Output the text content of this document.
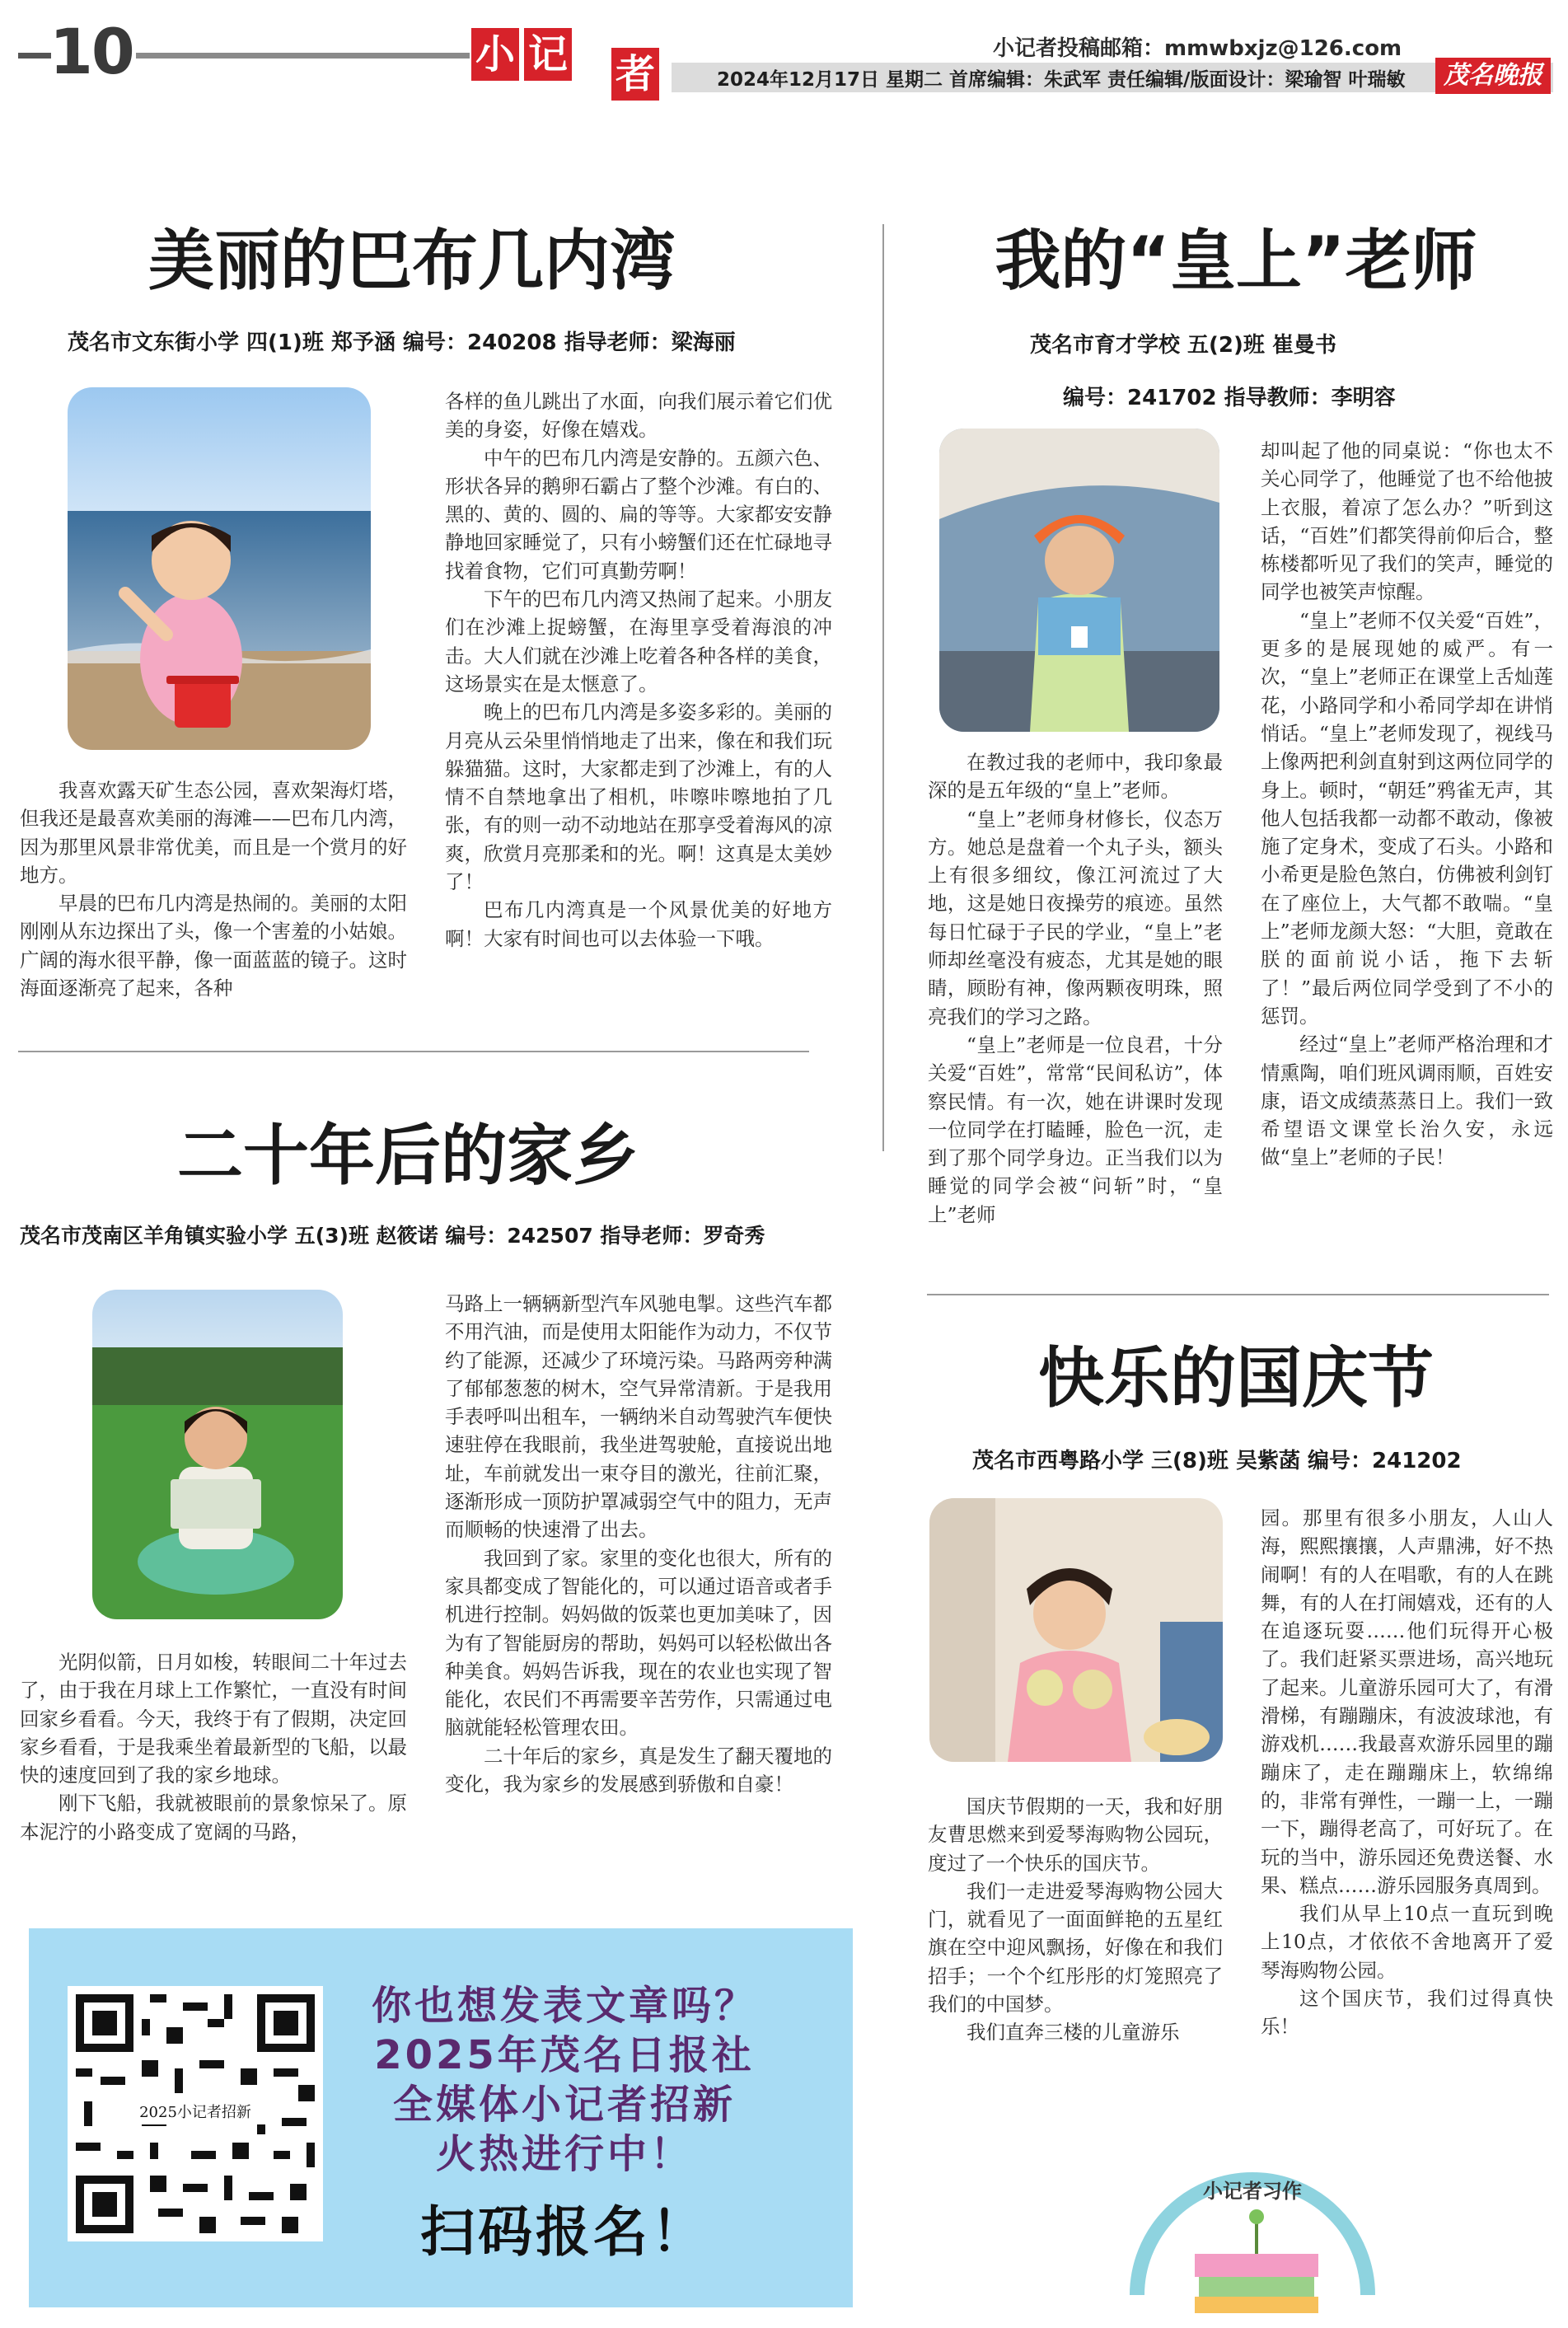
10	小 记 者
小记者投稿邮箱：mmwbxjz@126.com
2024年12月17日 星期二 首席编辑：朱武军 责任编辑/版面设计：梁瑜智 叶瑞敏	茂名晚报
美丽的巴布几内湾
茂名市文东街小学 四(1)班 郑予涵 编号：240208 指导老师：梁海丽

我喜欢露天矿生态公园，喜欢架海灯塔，但我还是最喜欢美丽的海滩——巴布几内湾，因为那里风景非常优美，而且是一个赏月的好地方。

早晨的巴布几内湾是热闹的。美丽的太阳刚刚从东边探出了头，像一个害羞的小姑娘。广阔的海水很平静，像一面蓝蓝的镜子。这时海面逐渐亮了起来，各种

各样的鱼儿跳出了水面，向我们展示着它们优美的身姿，好像在嬉戏。

中午的巴布几内湾是安静的。五颜六色、形状各异的鹅卵石霸占了整个沙滩。有白的、黑的、黄的、圆的、扁的等等。大家都安安静静地回家睡觉了，只有小螃蟹们还在忙碌地寻找着食物，它们可真勤劳啊！

下午的巴布几内湾又热闹了起来。小朋友们在沙滩上捉螃蟹，在海里享受着海浪的冲击。大人们就在沙滩上吃着各种各样的美食，这场景实在是太惬意了。

晚上的巴布几内湾是多姿多彩的。美丽的月亮从云朵里悄悄地走了出来，像在和我们玩躲猫猫。这时，大家都走到了沙滩上，有的人情不自禁地拿出了相机，咔嚓咔嚓地拍了几张，有的则一动不动地站在那享受着海风的凉爽，欣赏月亮那柔和的光。啊！这真是太美妙了！

巴布几内湾真是一个风景优美的好地方啊！大家有时间也可以去体验一下哦。

二十年后的家乡
茂名市茂南区羊角镇实验小学 五(3)班 赵筱诺 编号：242507 指导老师：罗奇秀

光阴似箭，日月如梭，转眼间二十年过去了，由于我在月球上工作繁忙，一直没有时间回家乡看看。今天，我终于有了假期，决定回家乡看看，于是我乘坐着最新型的飞船，以最快的速度回到了我的家乡地球。

刚下飞船，我就被眼前的景象惊呆了。原本泥泞的小路变成了宽阔的马路，

马路上一辆辆新型汽车风驰电掣。这些汽车都不用汽油，而是使用太阳能作为动力，不仅节约了能源，还减少了环境污染。马路两旁种满了郁郁葱葱的树木，空气异常清新。于是我用手表呼叫出租车，一辆纳米自动驾驶汽车便快速驻停在我眼前，我坐进驾驶舱，直接说出地址，车前就发出一束夺目的激光，往前汇聚，逐渐形成一顶防护罩减弱空气中的阻力，无声而顺畅的快速滑了出去。

我回到了家。家里的变化也很大，所有的家具都变成了智能化的，可以通过语音或者手机进行控制。妈妈做的饭菜也更加美味了，因为有了智能厨房的帮助，妈妈可以轻松做出各种美食。妈妈告诉我，现在的农业也实现了智能化，农民们不再需要辛苦劳作，只需通过电脑就能轻松管理农田。

二十年后的家乡，真是发生了翻天覆地的变化，我为家乡的发展感到骄傲和自豪！

我的“皇上”老师
茂名市育才学校 五(2)班 崔曼书
编号：241702 指导教师：李明容

在教过我的老师中，我印象最深的是五年级的“皇上”老师。

“皇上”老师身材修长，仪态万方。她总是盘着一个丸子头，额头上有很多细纹，像江河流过了大地，这是她日夜操劳的痕迹。虽然每日忙碌于子民的学业，“皇上”老师却丝毫没有疲态，尤其是她的眼睛，顾盼有神，像两颗夜明珠，照亮我们的学习之路。

“皇上”老师是一位良君，十分关爱“百姓”，常常“民间私访”，体察民情。有一次，她在讲课时发现一位同学在打瞌睡，脸色一沉，走到了那个同学身边。正当我们以为睡觉的同学会被“问斩”时，“皇上”老师

却叫起了他的同桌说：“你也太不关心同学了，他睡觉了也不给他披上衣服，着凉了怎么办？”听到这话，“百姓”们都笑得前仰后合，整栋楼都听见了我们的笑声，睡觉的同学也被笑声惊醒。

“皇上”老师不仅关爱“百姓”，更多的是展现她的威严。有一次，“皇上”老师正在课堂上舌灿莲花，小路同学和小希同学却在讲悄悄话。“皇上”老师发现了，视线马上像两把利剑直射到这两位同学的身上。顿时，“朝廷”鸦雀无声，其他人包括我都一动都不敢动，像被施了定身术，变成了石头。小路和小希更是脸色煞白，仿佛被利剑钉在了座位上，大气都不敢喘。“皇上”老师龙颜大怒：“大胆，竟敢在朕的面前说小话，拖下去斩了！”最后两位同学受到了不小的惩罚。

经过“皇上”老师严格治理和才情熏陶，咱们班风调雨顺，百姓安康，语文成绩蒸蒸日上。我们一致希望语文课堂长治久安，永远做“皇上”老师的子民！

快乐的国庆节
茂名市西粤路小学 三(8)班 吴紫菡 编号：241202

国庆节假期的一天，我和好朋友曹思燃来到爱琴海购物公园玩，度过了一个快乐的国庆节。

我们一走进爱琴海购物公园大门，就看见了一面面鲜艳的五星红旗在空中迎风飘扬，好像在和我们招手；一个个红彤彤的灯笼照亮了我们的中国梦。

我们直奔三楼的儿童游乐

园。那里有很多小朋友，人山人海，熙熙攘攘，人声鼎沸，好不热闹啊！有的人在唱歌，有的人在跳舞，有的人在打闹嬉戏，还有的人在追逐玩耍……他们玩得开心极了。我们赶紧买票进场，高兴地玩了起来。儿童游乐园可大了，有滑滑梯，有蹦蹦床，有波波球池，有游戏机……我最喜欢游乐园里的蹦蹦床了，走在蹦蹦床上，软绵绵的，非常有弹性，一蹦一上，一蹦一下，蹦得老高了，可好玩了。在玩的当中，游乐园还免费送餐、水果、糕点……游乐园服务真周到。

我们从早上10点一直玩到晚上10点，才依依不舍地离开了爱琴海购物公园。

这个国庆节，我们过得真快乐！

2025小记者招新
你也想发表文章吗？
2025年茂名日报社
全媒体小记者招新
火热进行中！
扫码报名！
小记者习作
